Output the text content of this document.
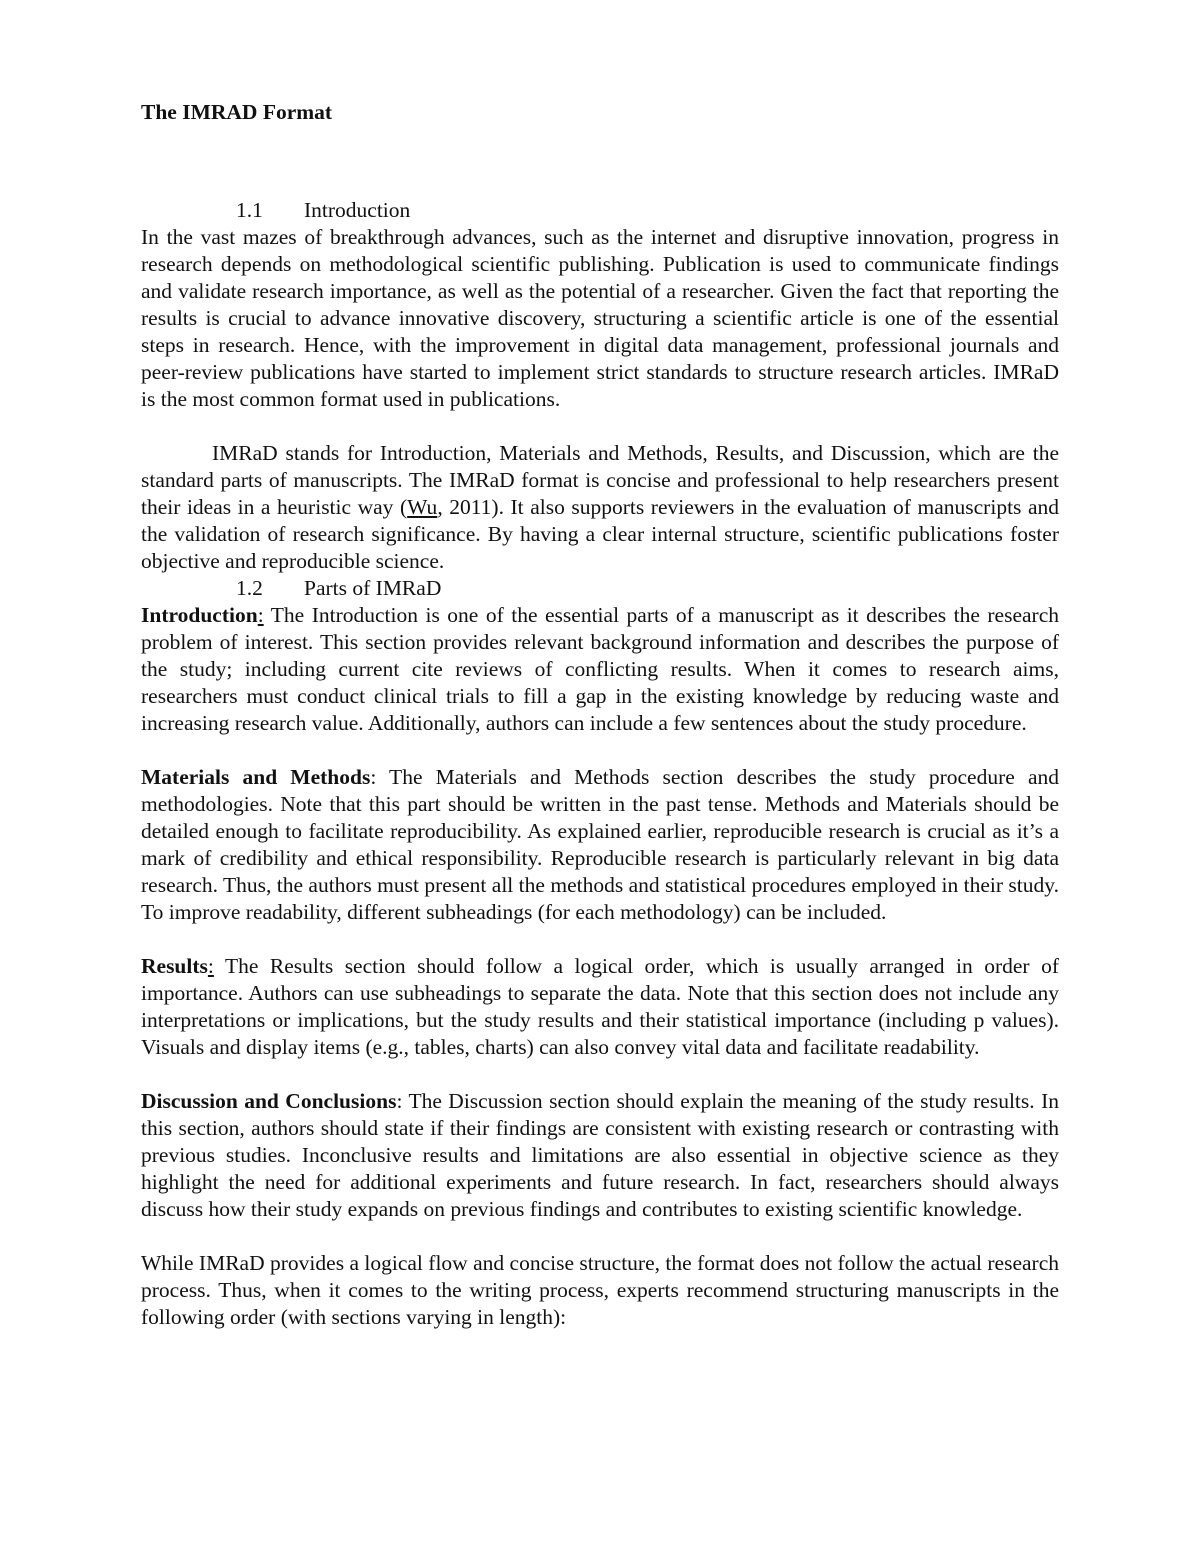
The IMRAD Format
1.1 Introduction

In the vast mazes of breakthrough advances, such as the internet and disruptive innovation, progress in research depends on methodological scientific publishing. Publication is used to communicate findings and validate research importance, as well as the potential of a researcher. Given the fact that reporting the results is crucial to advance innovative discovery, structuring a scientific article is one of the essential steps in research. Hence, with the improvement in digital data management, professional journals and peer-review publications have started to implement strict standards to structure research articles. IMRaD is the most common format used in publications.

IMRaD stands for Introduction, Materials and Methods, Results, and Discussion, which are the standard parts of manuscripts. The IMRaD format is concise and professional to help researchers present their ideas in a heuristic way (Wu, 2011). It also supports reviewers in the evaluation of manuscripts and the validation of research significance. By having a clear internal structure, scientific publications foster objective and reproducible science.

1.2 Parts of IMRaD

Introduction: The Introduction is one of the essential parts of a manuscript as it describes the research problem of interest. This section provides relevant background information and describes the purpose of the study; including current cite reviews of conflicting results. When it comes to research aims, researchers must conduct clinical trials to fill a gap in the existing knowledge by reducing waste and increasing research value. Additionally, authors can include a few sentences about the study procedure.

Materials and Methods: The Materials and Methods section describes the study procedure and methodologies. Note that this part should be written in the past tense. Methods and Materials should be detailed enough to facilitate reproducibility. As explained earlier, reproducible research is crucial as it’s a mark of credibility and ethical responsibility. Reproducible research is particularly relevant in big data research. Thus, the authors must present all the methods and statistical procedures employed in their study. To improve readability, different subheadings (for each methodology) can be included.

Results: The Results section should follow a logical order, which is usually arranged in order of importance. Authors can use subheadings to separate the data. Note that this section does not include any interpretations or implications, but the study results and their statistical importance (including p values). Visuals and display items (e.g., tables, charts) can also convey vital data and facilitate readability.

Discussion and Conclusions: The Discussion section should explain the meaning of the study results. In this section, authors should state if their findings are consistent with existing research or contrasting with previous studies. Inconclusive results and limitations are also essential in objective science as they highlight the need for additional experiments and future research. In fact, researchers should always discuss how their study expands on previous findings and contributes to existing scientific knowledge.

While IMRaD provides a logical flow and concise structure, the format does not follow the actual research process. Thus, when it comes to the writing process, experts recommend structuring manuscripts in the following order (with sections varying in length):
